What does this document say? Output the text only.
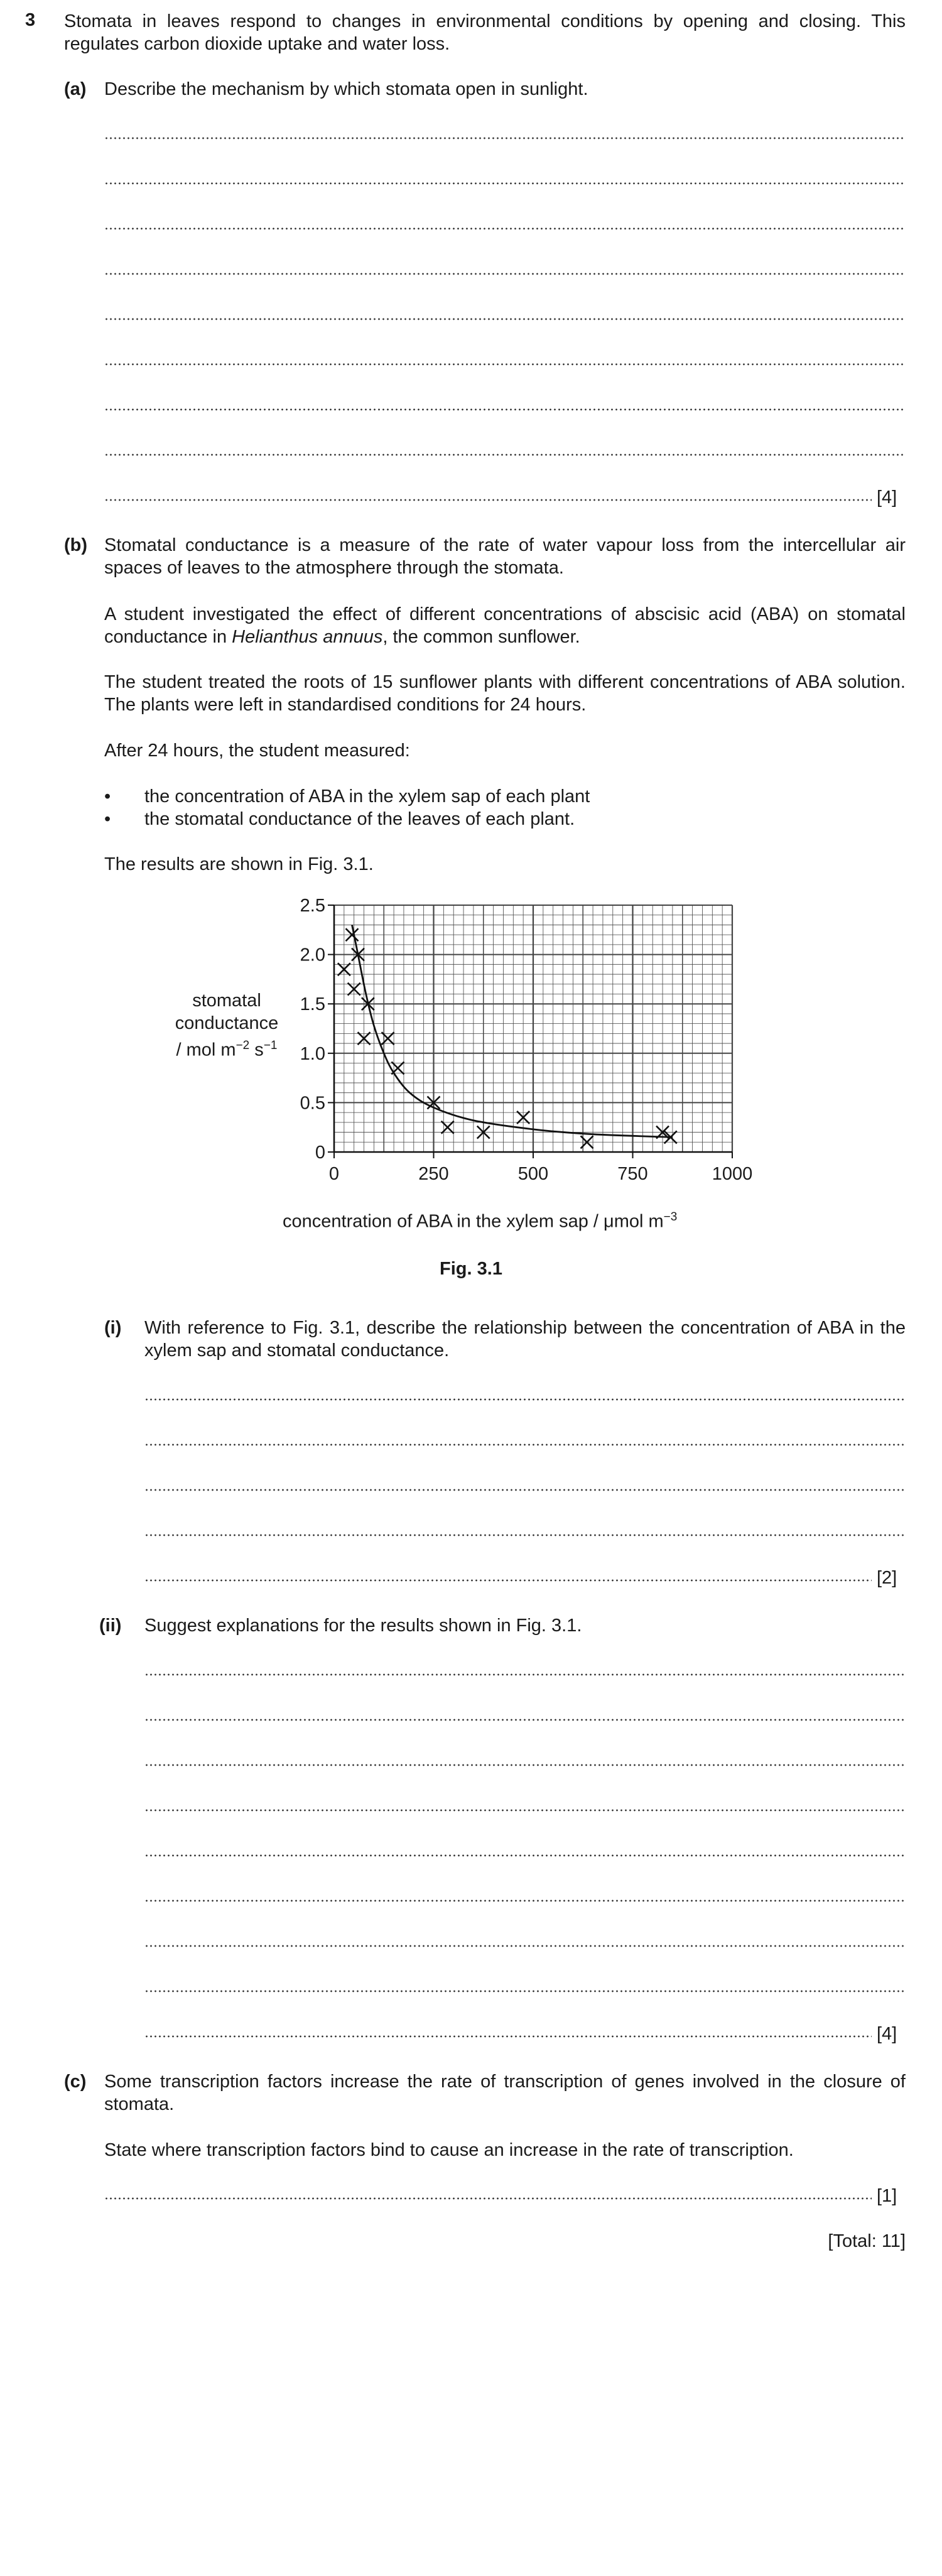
3 Stomata in leaves respond to changes in environmental conditions by opening and closing. This regulates carbon dioxide uptake and water loss.
(a) Describe the mechanism by which stomata open in sunlight.
[4]
(b) Stomatal conductance is a measure of the rate of water vapour loss from the intercellular air spaces of leaves to the atmosphere through the stomata.
A student investigated the effect of different concentrations of abscisic acid (ABA) on stomatal conductance in Helianthus annuus, the common sunflower.
The student treated the roots of 15 sunflower plants with different concentrations of ABA solution. The plants were left in standardised conditions for 24 hours.
After 24 hours, the student measured:
• the concentration of ABA in the xylem sap of each plant
• the stomatal conductance of the leaves of each plant.
The results are shown in Fig. 3.1.
0	250	500	750	1000
0
0.5
1.0
1.5
2.0
2.5
stomatal
conductance
/ mol $m^{-2}$ $s^{-1}$
concentration of ABA in the xylem sap / μmol $m^{-3}$
Fig. 3.1
(i) With reference to Fig. 3.1, describe the relationship between the concentration of ABA in the xylem sap and stomatal conductance.
[2]
(ii) Suggest explanations for the results shown in Fig. 3.1.
[4]
(c) Some transcription factors increase the rate of transcription of genes involved in the closure of stomata.
State where transcription factors bind to cause an increase in the rate of transcription.
[1]
[Total: 11]
